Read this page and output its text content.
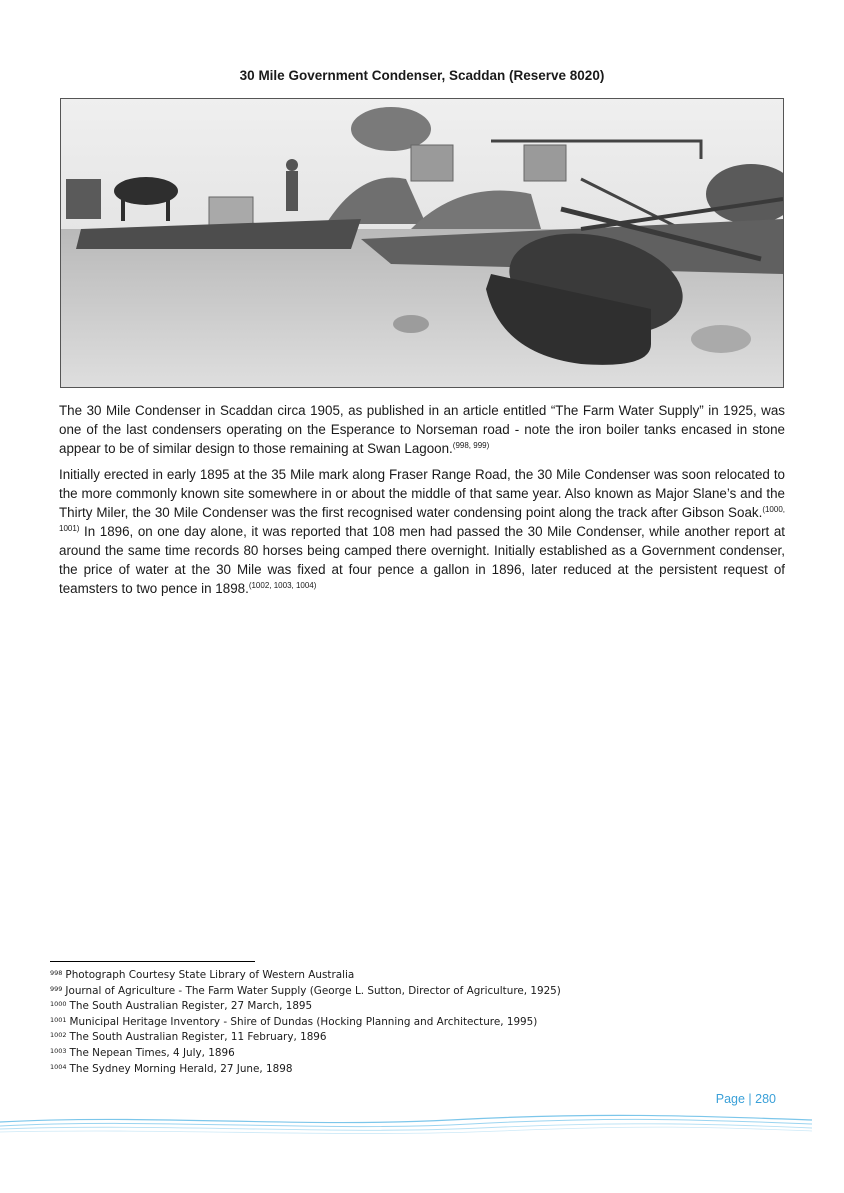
30 Mile Government Condenser, Scaddan (Reserve 8020)
The 30 Mile Condenser in Scaddan circa 1905, as published in an article entitled “The Farm Water Supply” in 1925, was one of the last condensers operating on the Esperance to Norseman road - note the iron boiler tanks encased in stone appear to be of similar design to those remaining at Swan Lagoon.$^{(998, 999)}$
Initially erected in early 1895 at the 35 Mile mark along Fraser Range Road, the 30 Mile Condenser was soon relocated to the more commonly known site somewhere in or about the middle of that same year. Also known as Major Slane’s and the Thirty Miler, the 30 Mile Condenser was the first recognised water condensing point along the track after Gibson Soak.$^{(1000, 1001)}$ In 1896, on one day alone, it was reported that 108 men had passed the 30 Mile Condenser, while another report at around the same time records 80 horses being camped there overnight. Initially established as a Government condenser, the price of water at the 30 Mile was fixed at four pence a gallon in 1896, later reduced at the persistent request of teamsters to two pence in 1898.$^{(1002, 1003, 1004)}$
$^{998}$ Photograph Courtesy State Library of Western Australia
$^{999}$ Journal of Agriculture - The Farm Water Supply (George L. Sutton, Director of Agriculture, 1925)
$^{1000}$ The South Australian Register, 27 March, 1895
$^{1001}$ Municipal Heritage Inventory - Shire of Dundas (Hocking Planning and Architecture, 1995)
$^{1002}$ The South Australian Register, 11 February, 1896
$^{1003}$ The Nepean Times, 4 July, 1896
$^{1004}$ The Sydney Morning Herald, 27 June, 1898
Page | 280
